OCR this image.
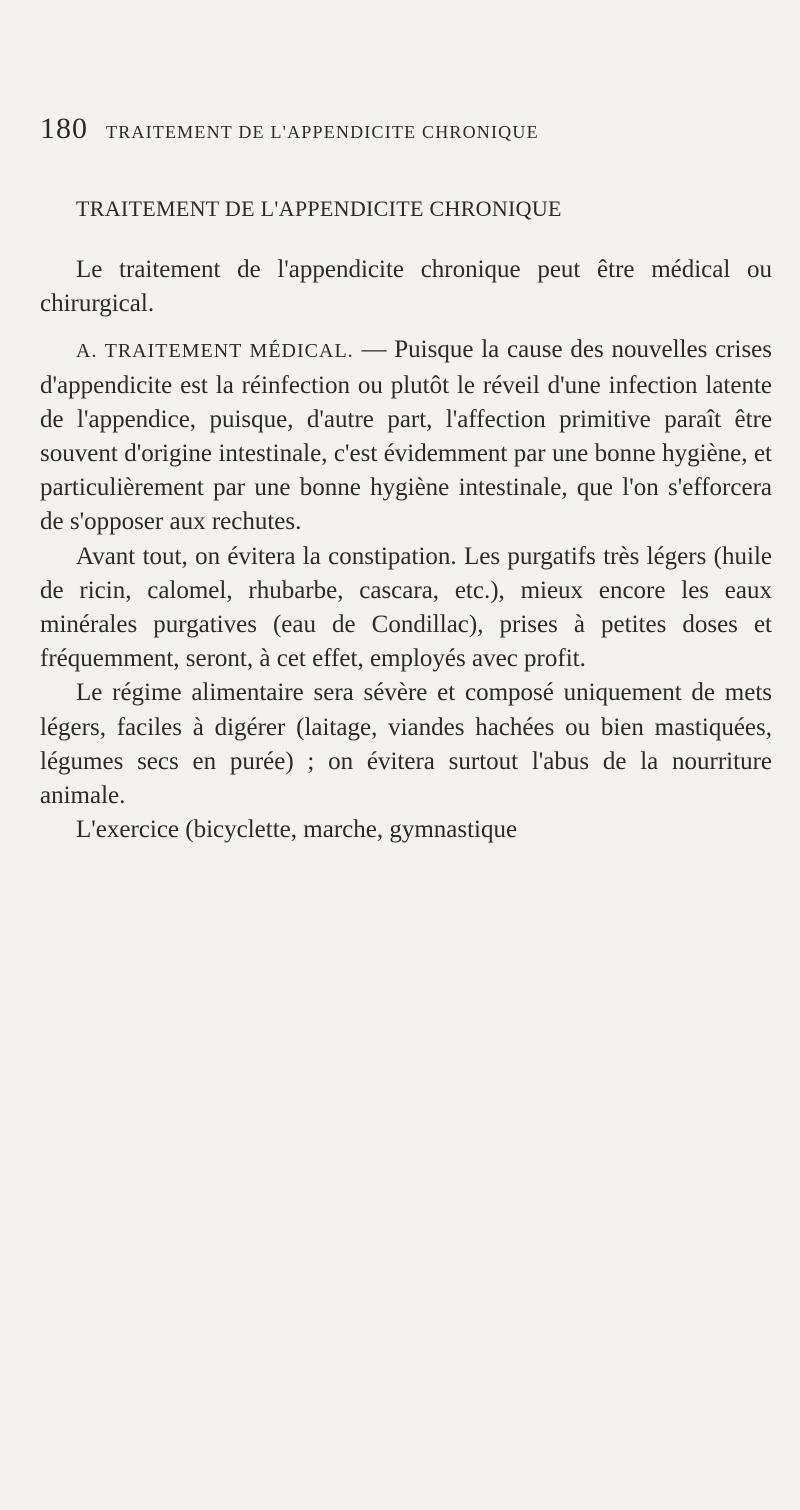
180 TRAITEMENT DE L'APPENDICITE CHRONIQUE
TRAITEMENT DE L'APPENDICITE CHRONIQUE

Le traitement de l'appendicite chronique peut être médical ou chirurgical.

A. TRAITEMENT MÉDICAL. — Puisque la cause des nouvelles crises d'appendicite est la réinfection ou plutôt le réveil d'une infection latente de l'appendice, puisque, d'autre part, l'affection primitive paraît être souvent d'origine intestinale, c'est évidemment par une bonne hygiène, et particulièrement par une bonne hygiène intestinale, que l'on s'efforcera de s'opposer aux rechutes.

Avant tout, on évitera la constipation. Les purgatifs très légers (huile de ricin, calomel, rhubarbe, cascara, etc.), mieux encore les eaux minérales purgatives (eau de Condillac), prises à petites doses et fréquemment, seront, à cet effet, employés avec profit.

Le régime alimentaire sera sévère et composé uniquement de mets légers, faciles à digérer (laitage, viandes hachées ou bien mastiquées, légumes secs en purée) ; on évitera surtout l'abus de la nourriture animale.

L'exercice (bicyclette, marche, gymnastique
